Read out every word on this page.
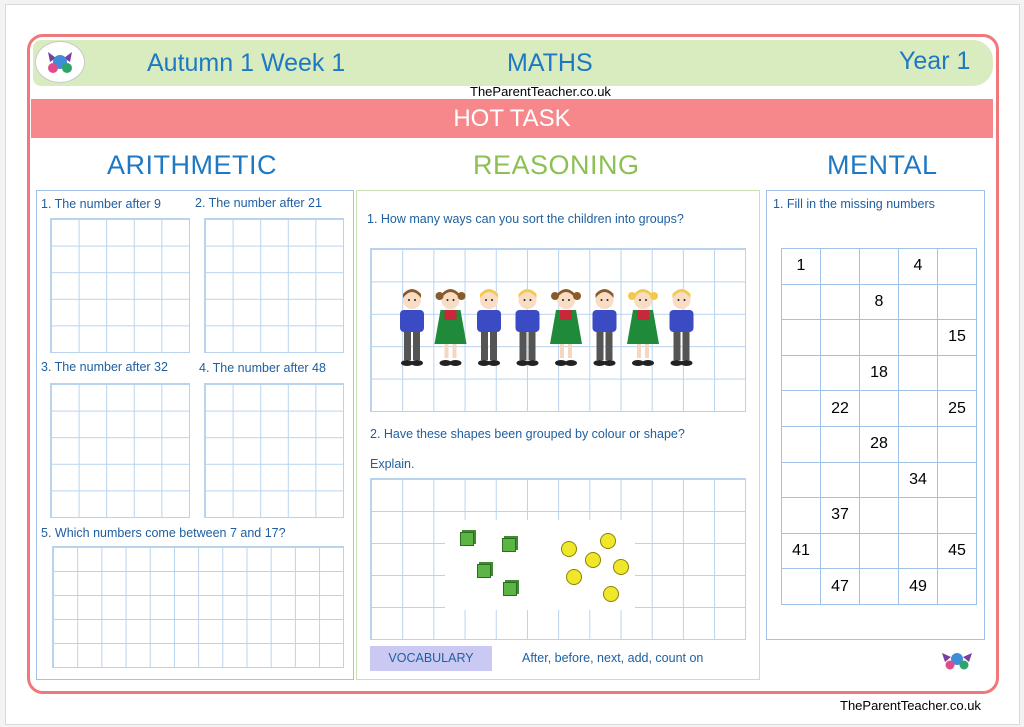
Autumn 1 Week 1	MATHS	Year 1
TheParentTeacher.co.uk
HOT TASK
ARITHMETIC	REASONING	MENTAL
1. The number after 9	2. The number after 21
3. The number after 32 4. The number after 48
5. Which numbers come between 7 and 17?
1. How many ways can you sort the children into groups?
2. Have these shapes been grouped by colour or shape?
Explain.
VOCABULARY	After, before, next, add, count on
1. Fill in the missing numbers
1			4	
		8		
				15
		18		
	22			25
		28		
			34	
	37			
41				45
	47		49	
TheParentTeacher.co.uk
